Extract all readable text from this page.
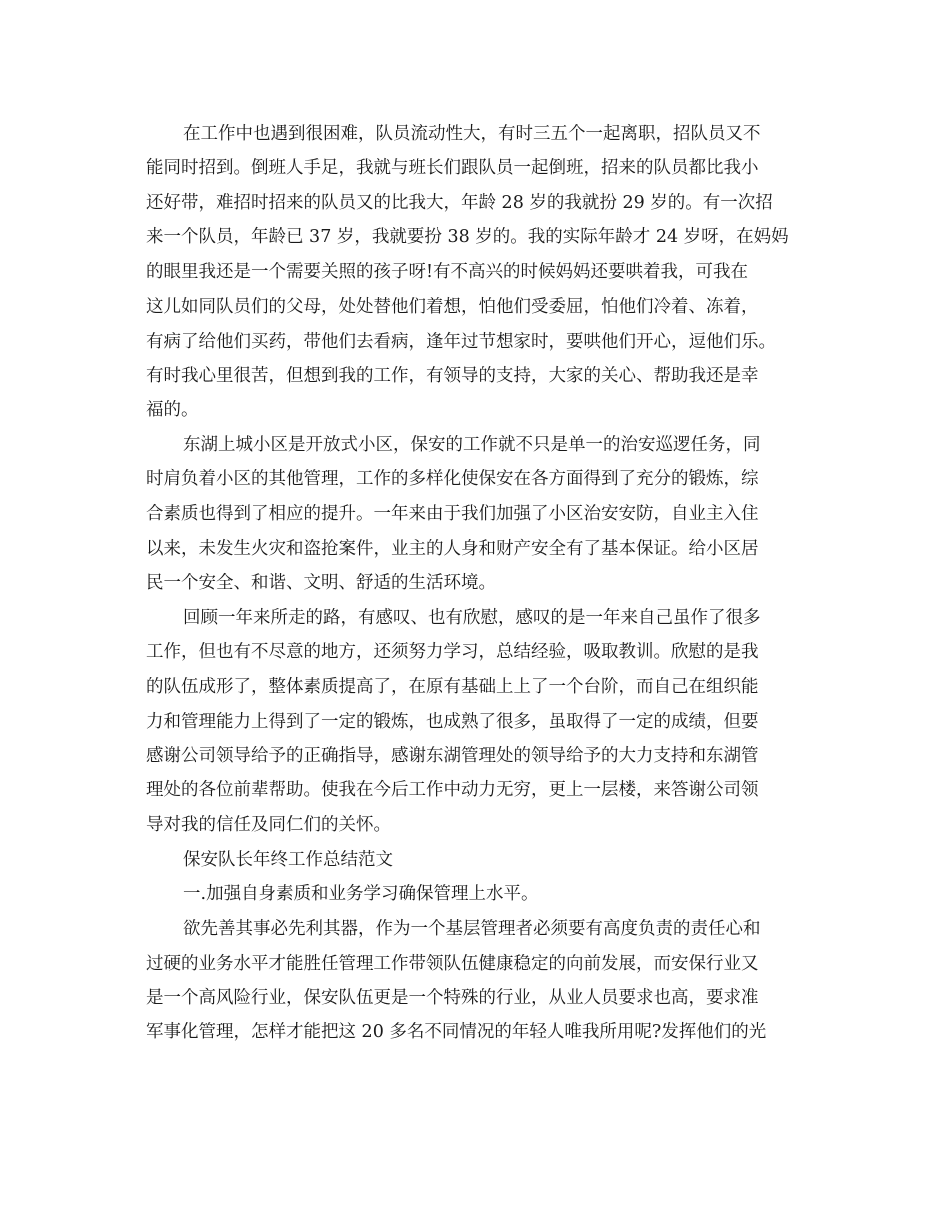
在工作中也遇到很困难，队员流动性大，有时三五个一起离职，招队员又不

能同时招到。倒班人手足，我就与班长们跟队员一起倒班，招来的队员都比我小

还好带，难招时招来的队员又的比我大，年龄 28 岁的我就扮 29 岁的。有一次招

来一个队员，年龄已 37 岁，我就要扮 38 岁的。我的实际年龄才 24 岁呀，在妈妈

的眼里我还是一个需要关照的孩子呀!有不高兴的时候妈妈还要哄着我，可我在

这儿如同队员们的父母，处处替他们着想，怕他们受委屈，怕他们冷着、冻着，

有病了给他们买药，带他们去看病，逢年过节想家时，要哄他们开心，逗他们乐。

有时我心里很苦，但想到我的工作，有领导的支持，大家的关心、帮助我还是幸

福的。

东湖上城小区是开放式小区，保安的工作就不只是单一的治安巡逻任务，同

时肩负着小区的其他管理，工作的多样化使保安在各方面得到了充分的锻炼，综

合素质也得到了相应的提升。一年来由于我们加强了小区治安安防，自业主入住

以来，未发生火灾和盗抢案件，业主的人身和财产安全有了基本保证。给小区居

民一个安全、和谐、文明、舒适的生活环境。

回顾一年来所走的路，有感叹、也有欣慰，感叹的是一年来自己虽作了很多

工作，但也有不尽意的地方，还须努力学习，总结经验，吸取教训。欣慰的是我

的队伍成形了，整体素质提高了，在原有基础上上了一个台阶，而自己在组织能

力和管理能力上得到了一定的锻炼，也成熟了很多，虽取得了一定的成绩，但要

感谢公司领导给予的正确指导，感谢东湖管理处的领导给予的大力支持和东湖管

理处的各位前辈帮助。使我在今后工作中动力无穷，更上一层楼，来答谢公司领

导对我的信任及同仁们的关怀。

保安队长年终工作总结范文

一.加强自身素质和业务学习确保管理上水平。

欲先善其事必先利其器，作为一个基层管理者必须要有高度负责的责任心和

过硬的业务水平才能胜任管理工作带领队伍健康稳定的向前发展，而安保行业又

是一个高风险行业，保安队伍更是一个特殊的行业，从业人员要求也高，要求准

军事化管理，怎样才能把这 20 多名不同情况的年轻人唯我所用呢?发挥他们的光
